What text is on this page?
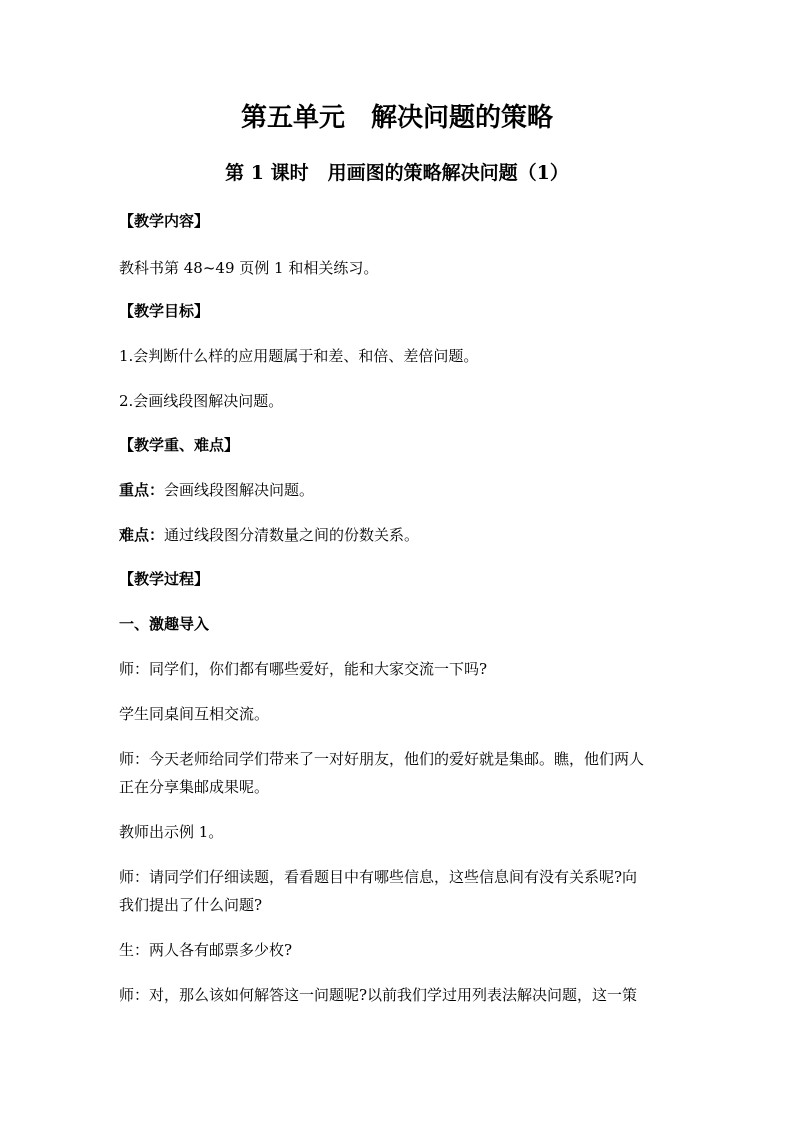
第五单元　解决问题的策略
第 1 课时　用画图的策略解决问题（1）
【教学内容】
教科书第 48~49 页例 1 和相关练习。
【教学目标】
1.会判断什么样的应用题属于和差、和倍、差倍问题。
2.会画线段图解决问题。
【教学重、难点】
重点：会画线段图解决问题。
难点：通过线段图分清数量之间的份数关系。
【教学过程】
一、激趣导入
师：同学们，你们都有哪些爱好，能和大家交流一下吗?
学生同桌间互相交流。
师：今天老师给同学们带来了一对好朋友，他们的爱好就是集邮。瞧，他们两人
正在分享集邮成果呢。
教师出示例 1。
师：请同学们仔细读题，看看题目中有哪些信息，这些信息间有没有关系呢?向
我们提出了什么问题?
生：两人各有邮票多少枚?
师：对，那么该如何解答这一问题呢?以前我们学过用列表法解决问题，这一策
